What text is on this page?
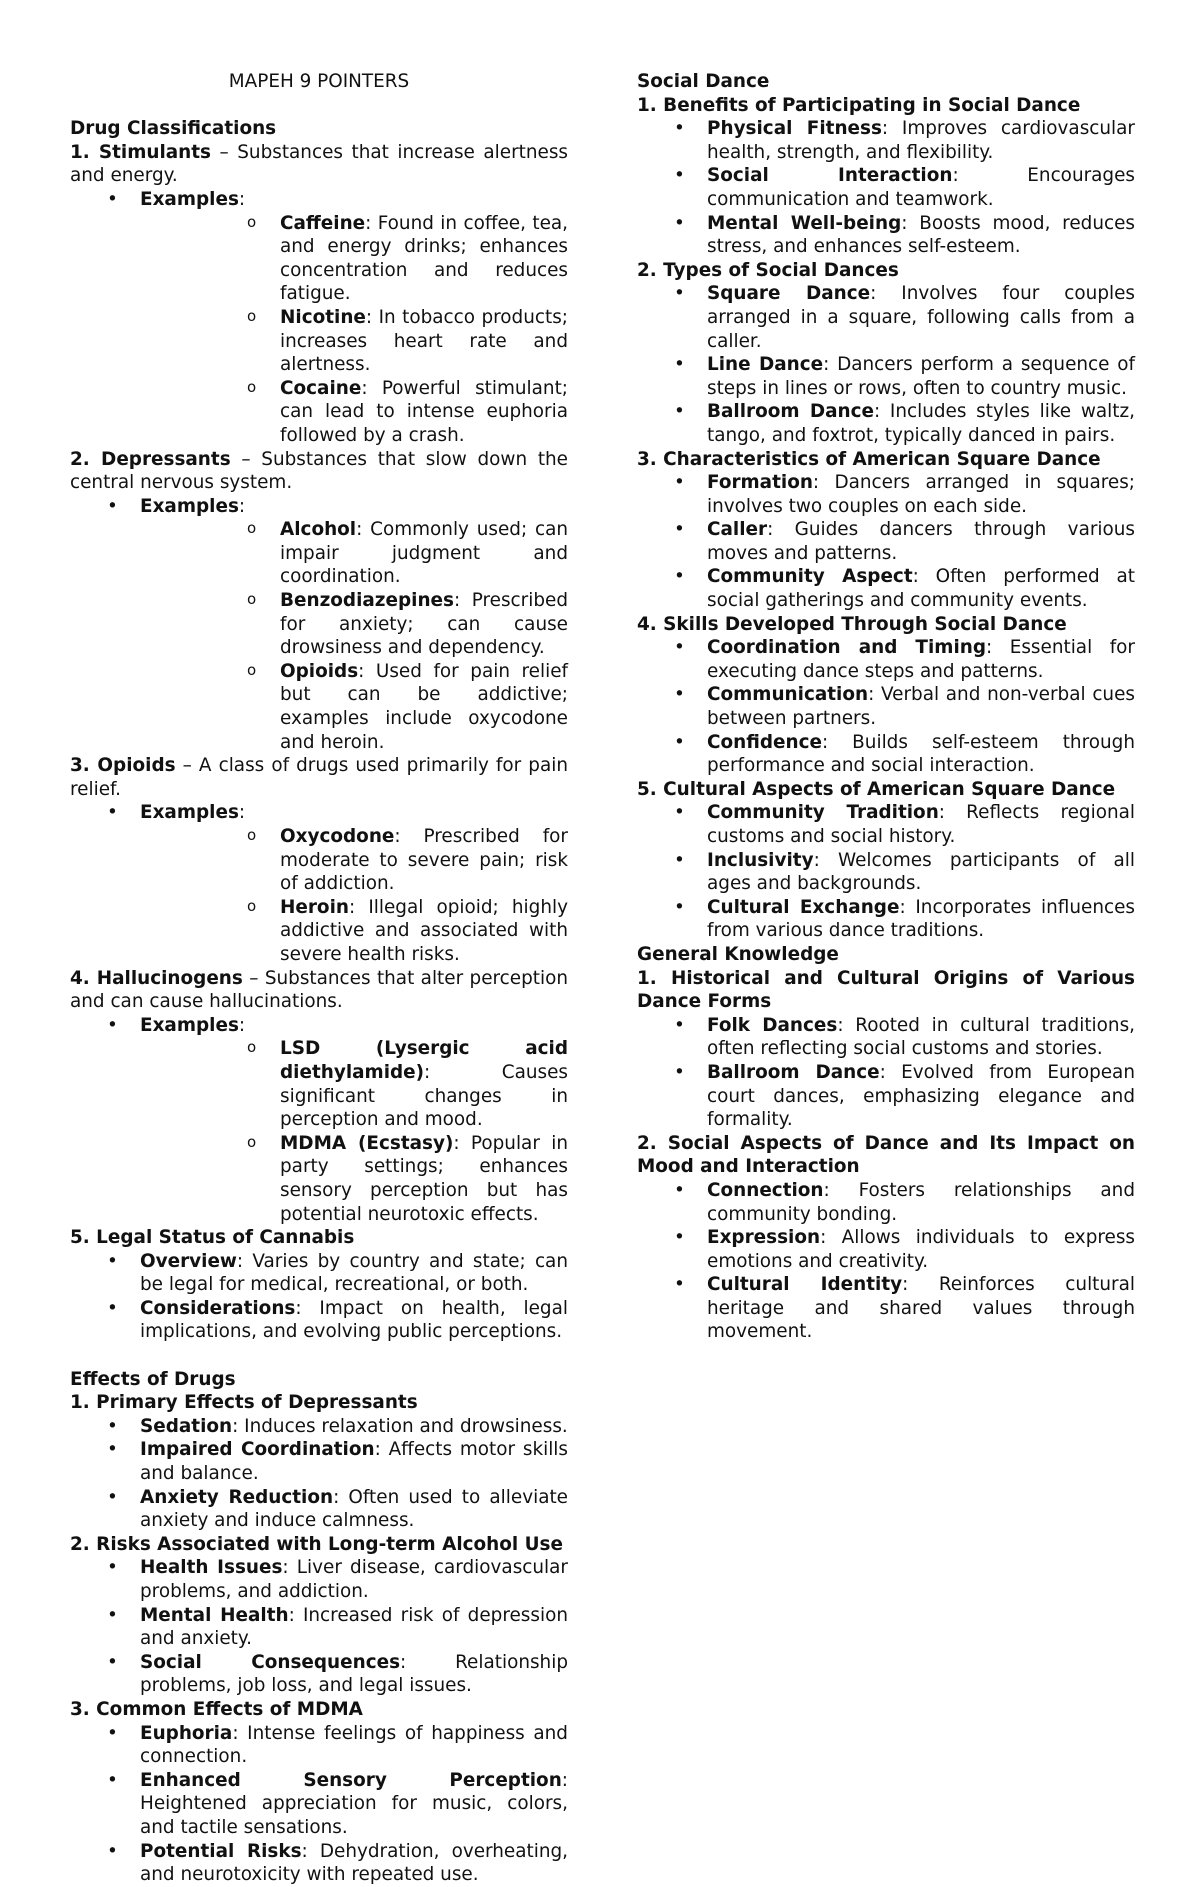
MAPEH 9 POINTERS

Drug Classifications

1. Stimulants – Substances that increase alertness and energy.

• Examples:
o Caffeine: Found in coffee, tea, and energy drinks; enhances concentration and reduces fatigue.
o Nicotine: In tobacco products; increases heart rate and alertness.
o Cocaine: Powerful stimulant; can lead to intense euphoria followed by a crash.

2. Depressants – Substances that slow down the central nervous system.

• Examples:
o Alcohol: Commonly used; can impair judgment and coordination.
o Benzodiazepines: Prescribed for anxiety; can cause drowsiness and dependency.
o Opioids: Used for pain relief but can be addictive; examples include oxycodone and heroin.

3. Opioids – A class of drugs used primarily for pain relief.

• Examples:
o Oxycodone: Prescribed for moderate to severe pain; risk of addiction.
o Heroin: Illegal opioid; highly addictive and associated with severe health risks.

4. Hallucinogens – Substances that alter perception and can cause hallucinations.

• Examples:
o LSD (Lysergic acid diethylamide): Causes significant changes in perception and mood.
o MDMA (Ecstasy): Popular in party settings; enhances sensory perception but has potential neurotoxic effects.

5. Legal Status of Cannabis

• Overview: Varies by country and state; can be legal for medical, recreational, or both.
• Considerations: Impact on health, legal implications, and evolving public perceptions.

Effects of Drugs

1. Primary Effects of Depressants

• Sedation: Induces relaxation and drowsiness.
• Impaired Coordination: Affects motor skills and balance.
• Anxiety Reduction: Often used to alleviate anxiety and induce calmness.

2. Risks Associated with Long-term Alcohol Use

• Health Issues: Liver disease, cardiovascular problems, and addiction.
• Mental Health: Increased risk of depression and anxiety.
• Social Consequences: Relationship problems, job loss, and legal issues.

3. Common Effects of MDMA

• Euphoria: Intense feelings of happiness and connection.
• Enhanced Sensory Perception: Heightened appreciation for music, colors, and tactile sensations.
• Potential Risks: Dehydration, overheating, and neurotoxicity with repeated use.

Social Dance

1. Benefits of Participating in Social Dance

• Physical Fitness: Improves cardiovascular health, strength, and flexibility.
• Social Interaction: Encourages communication and teamwork.
• Mental Well-being: Boosts mood, reduces stress, and enhances self-esteem.

2. Types of Social Dances

• Square Dance: Involves four couples arranged in a square, following calls from a caller.
• Line Dance: Dancers perform a sequence of steps in lines or rows, often to country music.
• Ballroom Dance: Includes styles like waltz, tango, and foxtrot, typically danced in pairs.

3. Characteristics of American Square Dance

• Formation: Dancers arranged in squares; involves two couples on each side.
• Caller: Guides dancers through various moves and patterns.
• Community Aspect: Often performed at social gatherings and community events.

4. Skills Developed Through Social Dance

• Coordination and Timing: Essential for executing dance steps and patterns.
• Communication: Verbal and non-verbal cues between partners.
• Confidence: Builds self-esteem through performance and social interaction.

5. Cultural Aspects of American Square Dance

• Community Tradition: Reflects regional customs and social history.
• Inclusivity: Welcomes participants of all ages and backgrounds.
• Cultural Exchange: Incorporates influences from various dance traditions.

General Knowledge

1. Historical and Cultural Origins of Various Dance Forms

• Folk Dances: Rooted in cultural traditions, often reflecting social customs and stories.
• Ballroom Dance: Evolved from European court dances, emphasizing elegance and formality.

2. Social Aspects of Dance and Its Impact on Mood and Interaction

• Connection: Fosters relationships and community bonding.
• Expression: Allows individuals to express emotions and creativity.
• Cultural Identity: Reinforces cultural heritage and shared values through movement.
